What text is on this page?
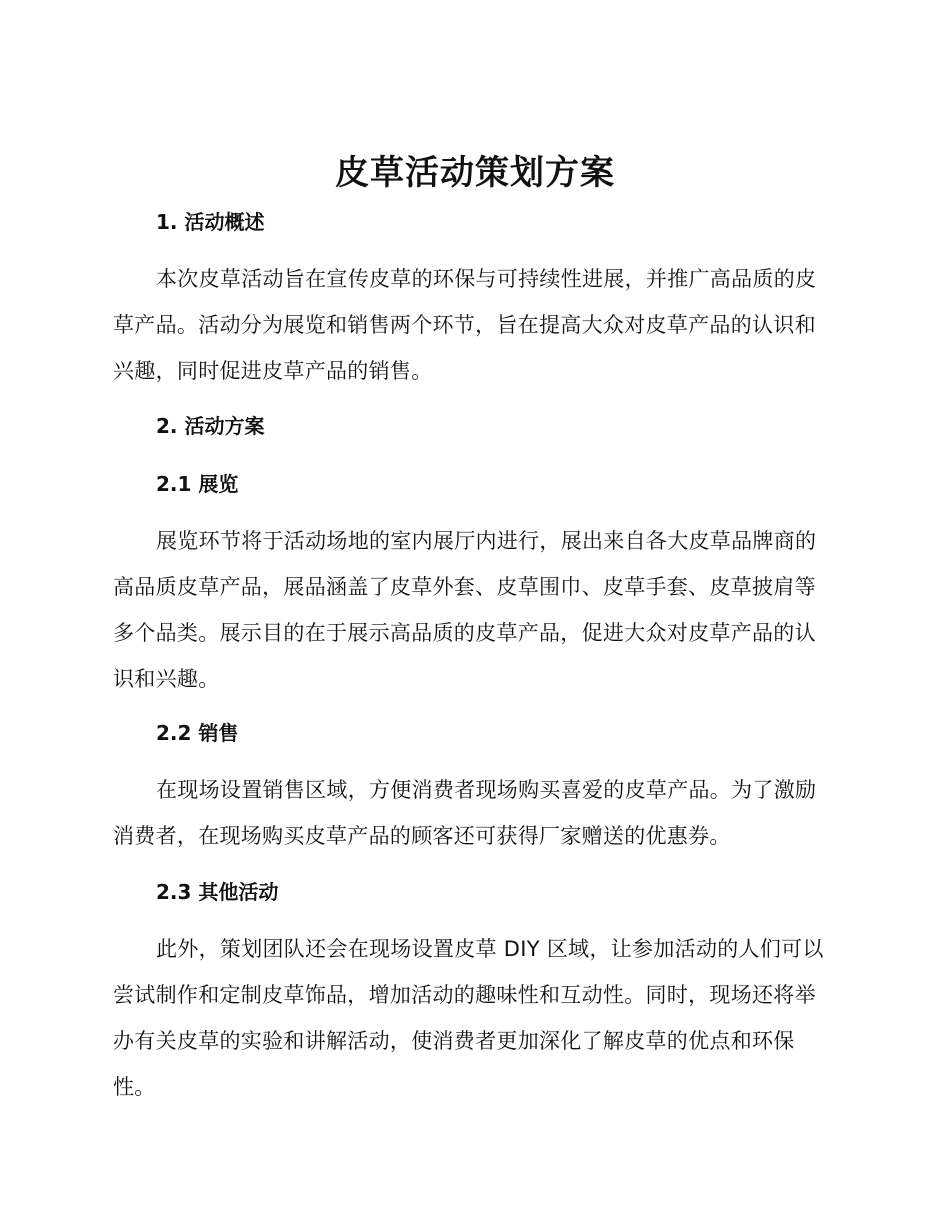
皮草活动策划方案
1. 活动概述

本次皮草活动旨在宣传皮草的环保与可持续性进展，并推广高品质的皮草产品。活动分为展览和销售两个环节，旨在提高大众对皮草产品的认识和兴趣，同时促进皮草产品的销售。

2. 活动方案
2.1 展览

展览环节将于活动场地的室内展厅内进行，展出来自各大皮草品牌商的高品质皮草产品，展品涵盖了皮草外套、皮草围巾、皮草手套、皮草披肩等多个品类。展示目的在于展示高品质的皮草产品，促进大众对皮草产品的认识和兴趣。

2.2 销售

在现场设置销售区域，方便消费者现场购买喜爱的皮草产品。为了激励消费者，在现场购买皮草产品的顾客还可获得厂家赠送的优惠券。

2.3 其他活动

此外，策划团队还会在现场设置皮草 DIY 区域，让参加活动的人们可以尝试制作和定制皮草饰品，增加活动的趣味性和互动性。同时，现场还将举办有关皮草的实验和讲解活动，使消费者更加深化了解皮草的优点和环保性。
